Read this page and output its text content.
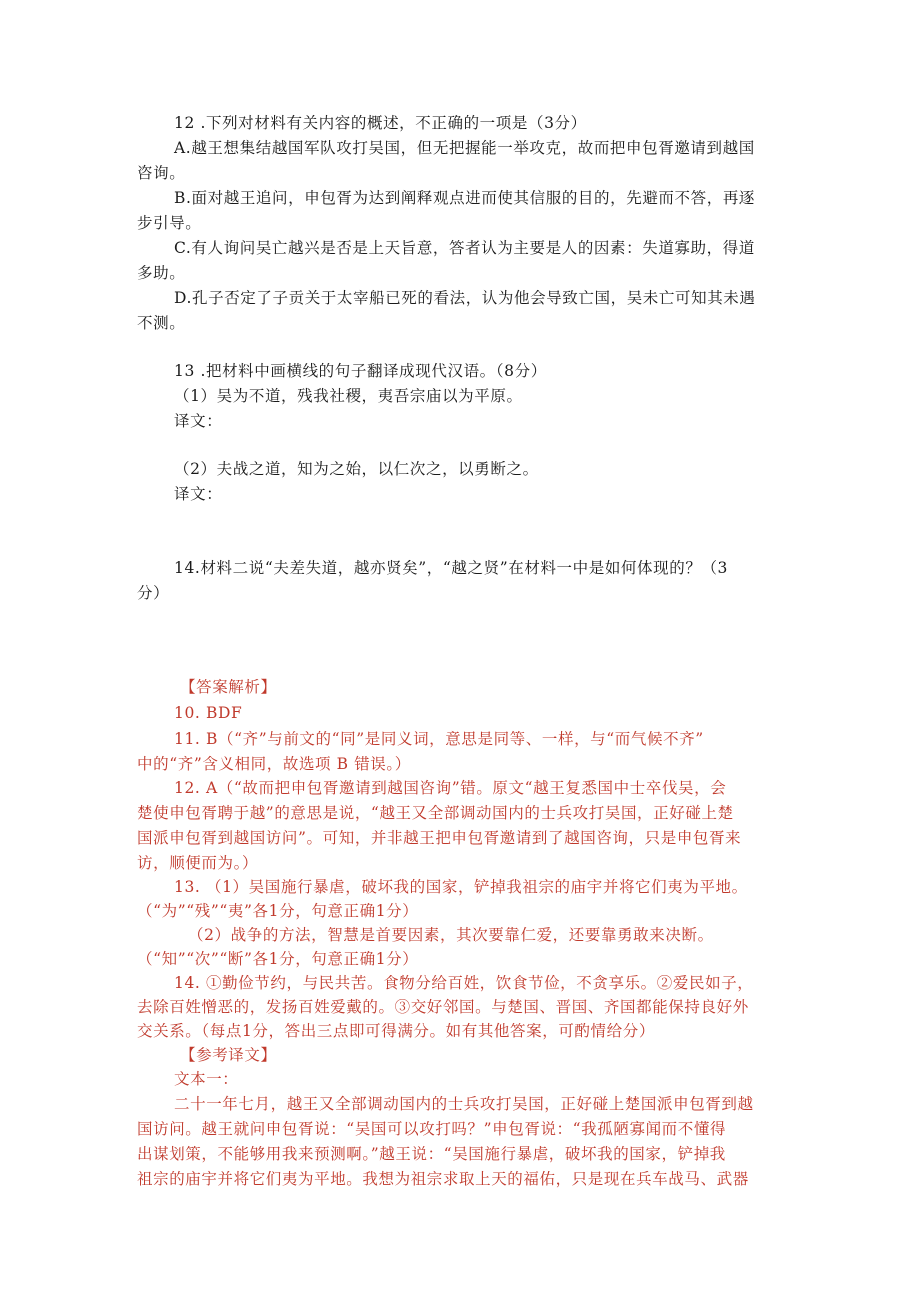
12 .下列对材料有关内容的概述，不正确的一项是（3分）
A.越王想集结越国军队攻打吴国，但无把握能一举攻克，故而把申包胥邀请到越国
咨询。
B.面对越王追问，申包胥为达到阐释观点进而使其信服的目的，先避而不答，再逐
步引导。
C.有人询问吴亡越兴是否是上天旨意，答者认为主要是人的因素：失道寡助，得道
多助。
D.孔子否定了子贡关于太宰船已死的看法，认为他会导致亡国，吴未亡可知其未遇
不测。
13 .把材料中画横线的句子翻译成现代汉语。（8分）
（1）吴为不道，残我社稷，夷吾宗庙以为平原。
译文：
（2）夫战之道，知为之始，以仁次之，以勇断之。
译文：
14.材料二说“夫差失道，越亦贤矣”，“越之贤”在材料一中是如何体现的？（3
分）
【答案解析】
10. BDF
11. B（“齐”与前文的“同”是同义词，意思是同等、一样，与“而气候不齐”
中的“齐”含义相同，故选项 B 错误。）
12. A（“故而把申包胥邀请到越国咨询”错。原文“越王复悉国中士卒伐吴，会
楚使申包胥聘于越”的意思是说，“越王又全部调动国内的士兵攻打吴国，正好碰上楚
国派申包胥到越国访问”。可知，并非越王把申包胥邀请到了越国咨询，只是申包胥来
访，顺便而为。）
13. （1）吴国施行暴虐，破坏我的国家，铲掉我祖宗的庙宇并将它们夷为平地。
（“为”“残”“夷”各1分，句意正确1分）
（2）战争的方法，智慧是首要因素，其次要靠仁爱，还要靠勇敢来决断。
（“知”“次”“断”各1分，句意正确1分）
14. ①勤俭节约，与民共苦。食物分给百姓，饮食节俭，不贪享乐。②爱民如子，
去除百姓憎恶的，发扬百姓爱戴的。③交好邻国。与楚国、晋国、齐国都能保持良好外
交关系。（每点1分，答出三点即可得满分。如有其他答案，可酌情给分）
【参考译文】
文本一：
二十一年七月，越王又全部调动国内的士兵攻打吴国，正好碰上楚国派申包胥到越
国访问。越王就问申包胥说：“吴国可以攻打吗？”申包胥说：“我孤陋寡闻而不懂得
出谋划策，不能够用我来预测啊。”越王说：“吴国施行暴虐，破坏我的国家，铲掉我
祖宗的庙宇并将它们夷为平地。我想为祖宗求取上天的福佑，只是现在兵车战马、武器
